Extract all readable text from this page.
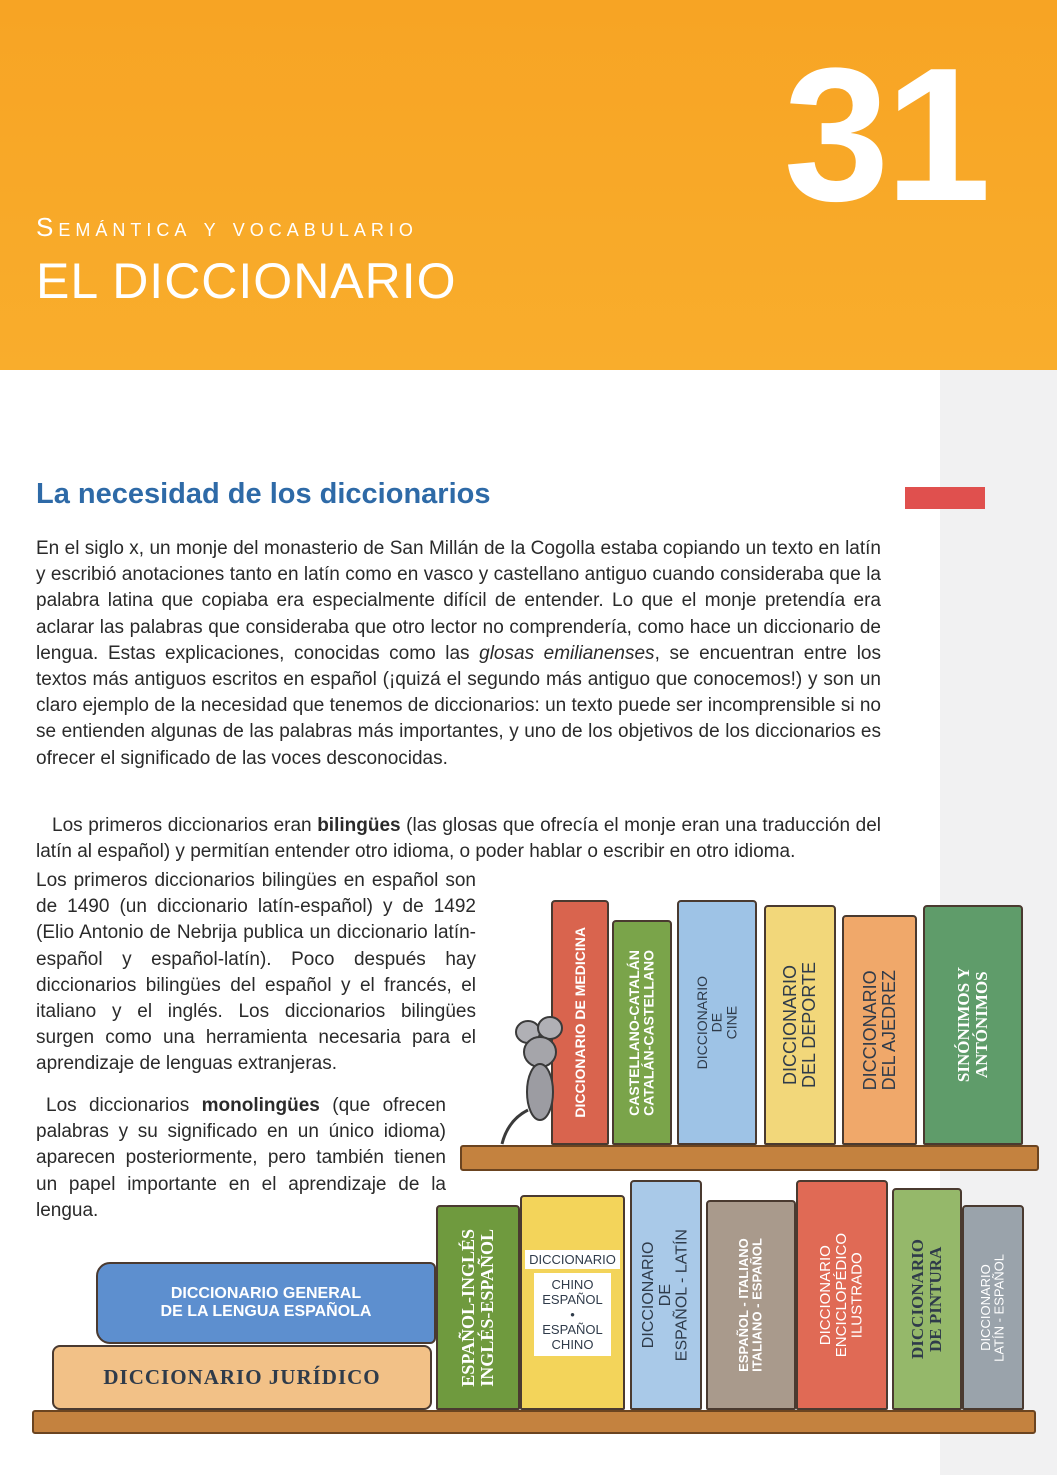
31
Semántica y vocabulario
EL DICCIONARIO
La necesidad de los diccionarios

En el siglo x, un monje del monasterio de San Millán de la Cogolla estaba copiando un texto en latín y escribió anotaciones tanto en latín como en vasco y castellano antiguo cuando consideraba que la palabra latina que copiaba era especialmente difícil de entender. Lo que el monje pretendía era aclarar las palabras que consideraba que otro lector no comprendería, como hace un diccionario de lengua. Estas explicaciones, conocidas como las glosas emilianenses, se encuentran entre los textos más antiguos escritos en español (¡quizá el segundo más antiguo que conocemos!) y son un claro ejemplo de la necesidad que tenemos de diccionarios: un texto puede ser incomprensible si no se entienden algunas de las palabras más importantes, y uno de los objetivos de los diccionarios es ofrecer el significado de las voces desconocidas.

Los primeros diccionarios eran bilingües (las glosas que ofrecía el monje eran una traducción del latín al español) y permitían entender otro idioma, o poder hablar o escribir en otro idioma.

Los primeros diccionarios bilingües en español son de 1490 (un diccionario latín-español) y de 1492 (Elio Antonio de Nebrija publica un diccionario latín-español y español-latín). Poco después hay diccionarios bilingües del español y el francés, el italiano y el inglés. Los diccionarios bilingües surgen como una herramienta necesaria para el aprendizaje de lenguas extranjeras.

Los diccionarios monolingües (que ofrecen palabras y su significado en un único idioma) aparecen posteriormente, pero también tienen un papel importante en el aprendizaje de la lengua.

DICCIONARIO DE MEDICINA	CASTELLANO-CATALÁN
CATALÁN-CASTELLANO	DICCIONARIO
DE
CINE DICCIONARIO
DEL DEPORTE DICCIONARIO
DEL AJEDREZ	SINÓNIMOS Y
ANTÓNIMOS
ESPAÑOL-INGLÉS
INGLÉS-ESPAÑOL	DICCIONARIO
CHINO
ESPAÑOL
•
ESPAÑOL
CHINO	DICCIONARIO
DE
ESPAÑOL - LATÍN
ESPAÑOL - ITALIANO
ITALIANO - ESPAÑOL	DICCIONARIO
ENCICLOPÉDICO
ILUSTRADO DICCIONARIO
DE PINTURA	DICCIONARIO
LATÍN - ESPAÑOL
DICCIONARIO GENERAL
DE LA LENGUA ESPAÑOLA
DICCIONARIO JURÍDICO
